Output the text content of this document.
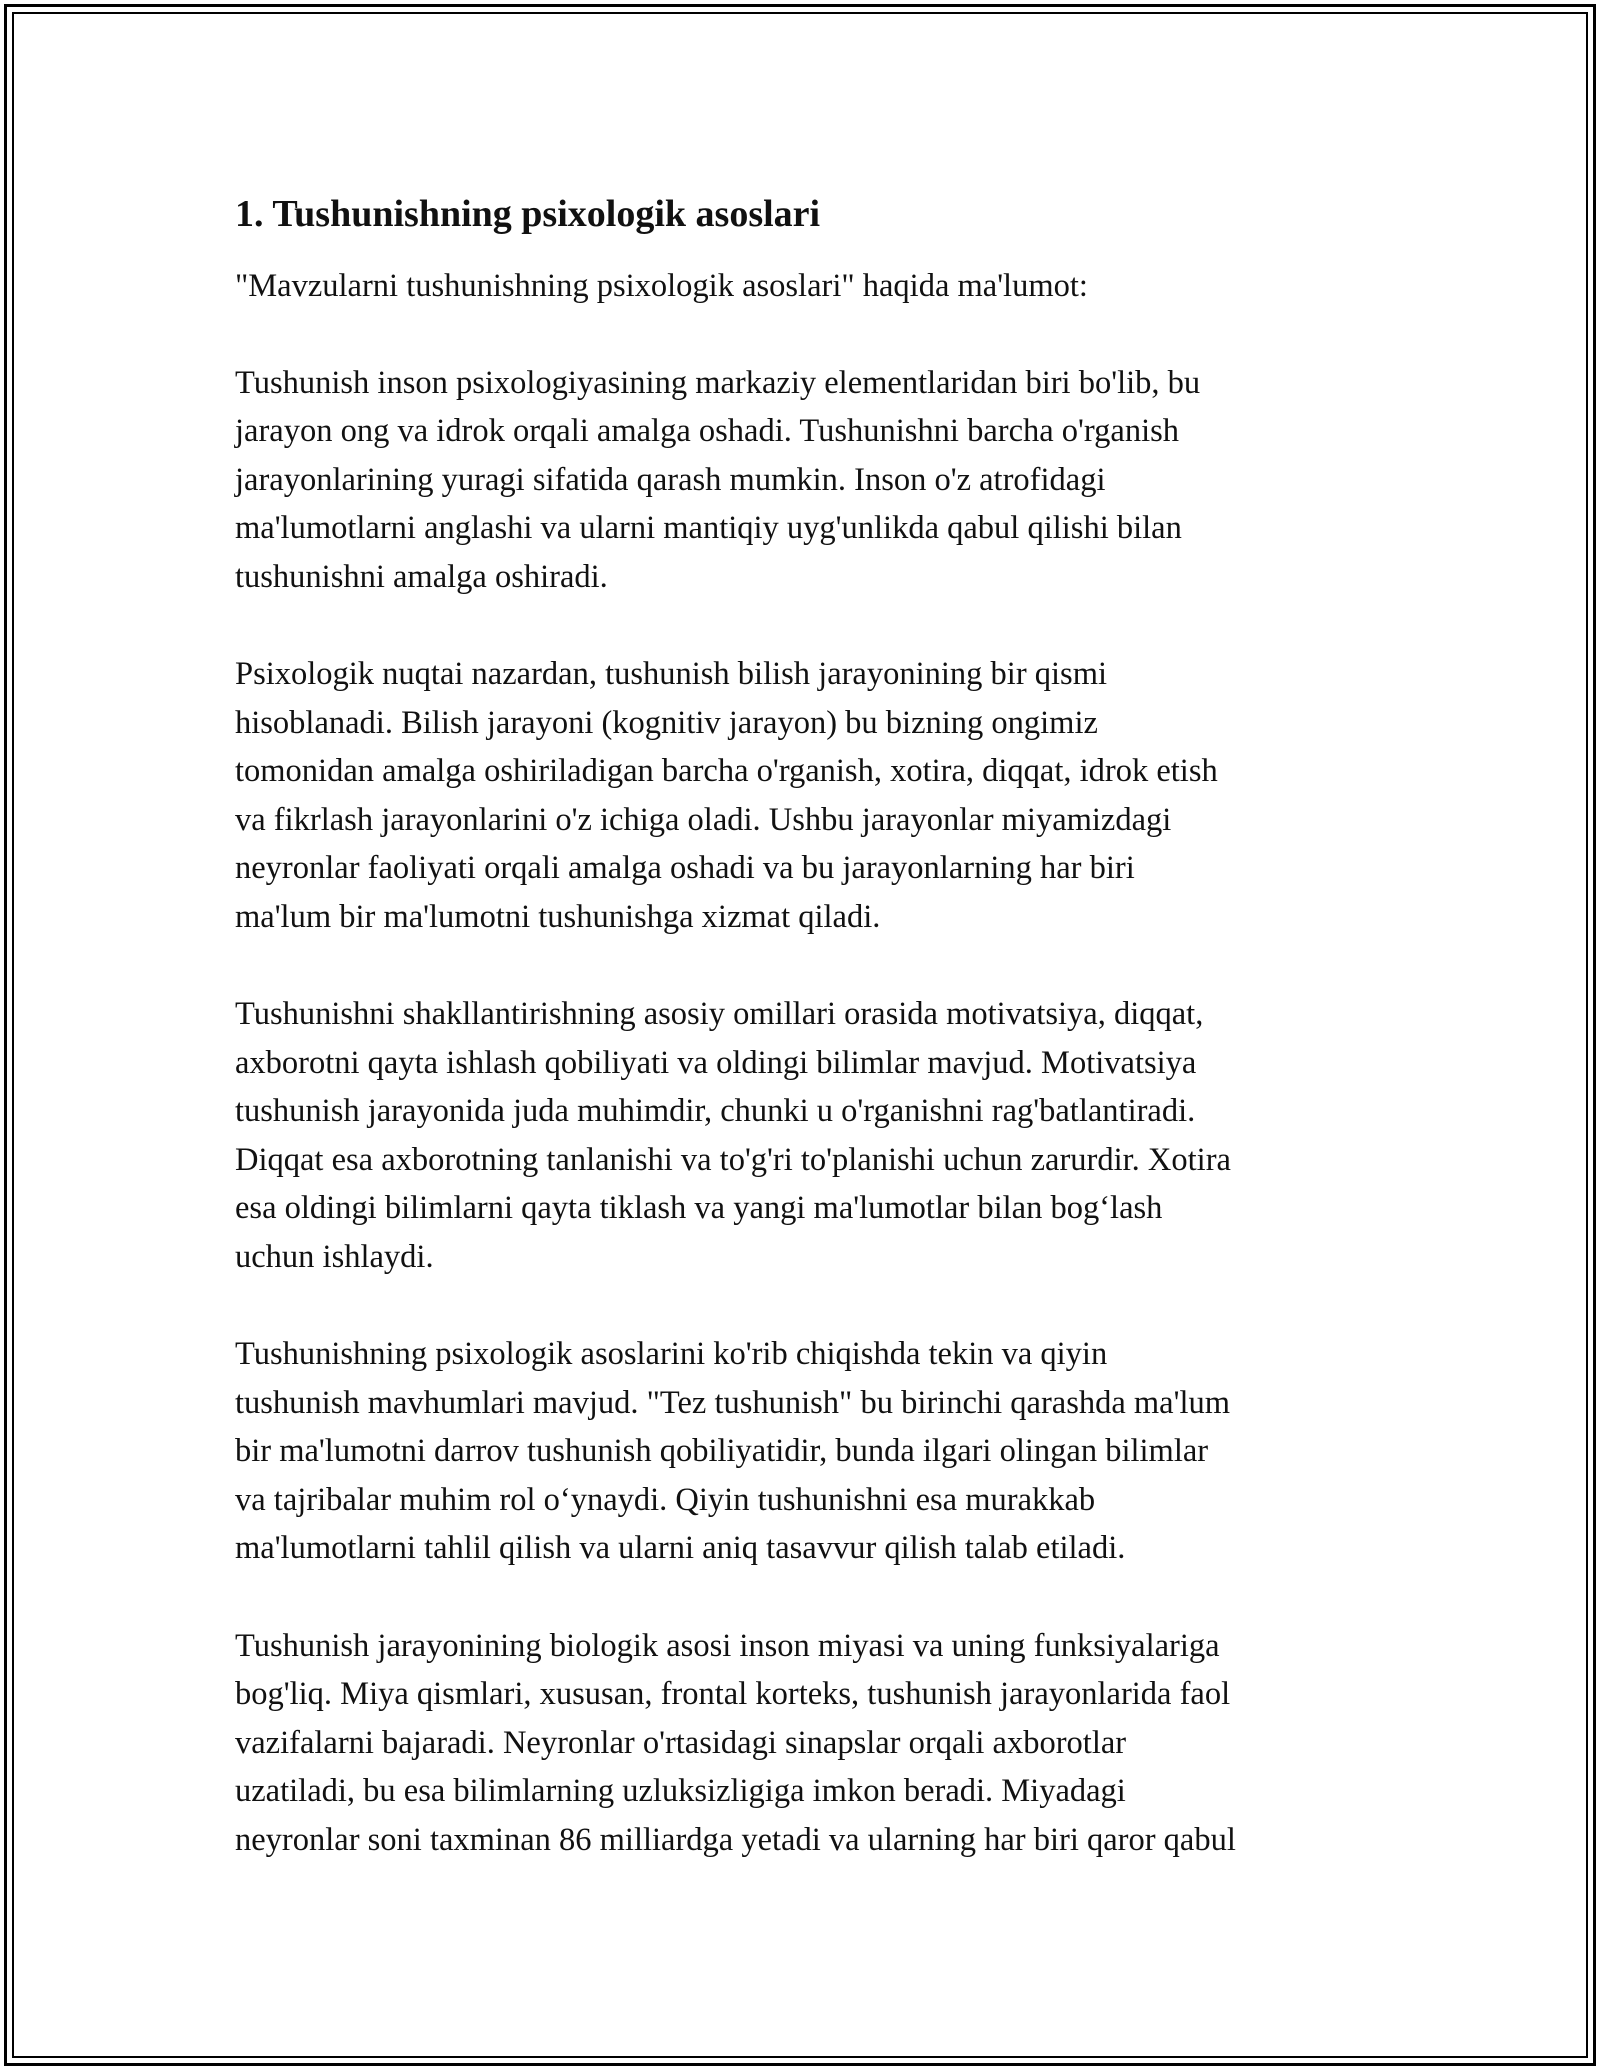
1. Tushunishning psixologik asoslari

"Mavzularni tushunishning psixologik asoslari" haqida ma'lumot:

Tushunish inson psixologiyasining markaziy elementlaridan biri bo'lib, bu
jarayon ong va idrok orqali amalga oshadi. Tushunishni barcha o'rganish
jarayonlarining yuragi sifatida qarash mumkin. Inson o'z atrofidagi
ma'lumotlarni anglashi va ularni mantiqiy uyg'unlikda qabul qilishi bilan
tushunishni amalga oshiradi.

Psixologik nuqtai nazardan, tushunish bilish jarayonining bir qismi
hisoblanadi. Bilish jarayoni (kognitiv jarayon) bu bizning ongimiz
tomonidan amalga oshiriladigan barcha o'rganish, xotira, diqqat, idrok etish
va fikrlash jarayonlarini o'z ichiga oladi. Ushbu jarayonlar miyamizdagi
neyronlar faoliyati orqali amalga oshadi va bu jarayonlarning har biri
ma'lum bir ma'lumotni tushunishga xizmat qiladi.

Tushunishni shakllantirishning asosiy omillari orasida motivatsiya, diqqat,
axborotni qayta ishlash qobiliyati va oldingi bilimlar mavjud. Motivatsiya
tushunish jarayonida juda muhimdir, chunki u o'rganishni rag'batlantiradi.
Diqqat esa axborotning tanlanishi va to'g'ri to'planishi uchun zarurdir. Xotira
esa oldingi bilimlarni qayta tiklash va yangi ma'lumotlar bilan bog‘lash
uchun ishlaydi.

Tushunishning psixologik asoslarini ko'rib chiqishda tekin va qiyin
tushunish mavhumlari mavjud. "Tez tushunish" bu birinchi qarashda ma'lum
bir ma'lumotni darrov tushunish qobiliyatidir, bunda ilgari olingan bilimlar
va tajribalar muhim rol o‘ynaydi. Qiyin tushunishni esa murakkab
ma'lumotlarni tahlil qilish va ularni aniq tasavvur qilish talab etiladi.

Tushunish jarayonining biologik asosi inson miyasi va uning funksiyalariga
bog'liq. Miya qismlari, xususan, frontal korteks, tushunish jarayonlarida faol
vazifalarni bajaradi. Neyronlar o'rtasidagi sinapslar orqali axborotlar
uzatiladi, bu esa bilimlarning uzluksizligiga imkon beradi. Miyadagi
neyronlar soni taxminan 86 milliardga yetadi va ularning har biri qaror qabul
